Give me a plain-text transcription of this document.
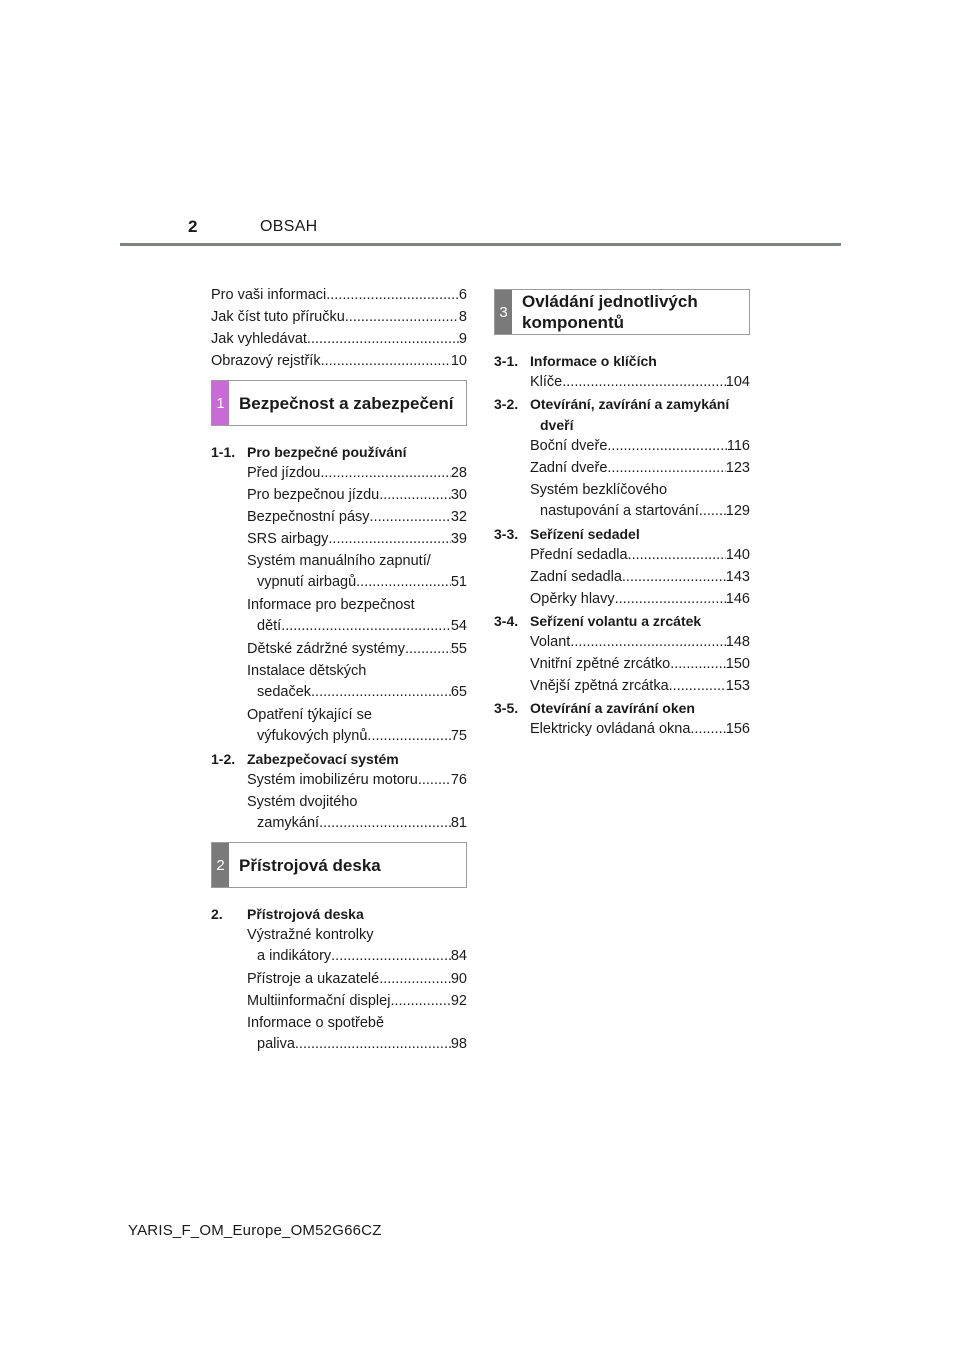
2	OBSAH
Pro vaši informaci .....	6
Jak číst tuto příručku .....	8
Jak vyhledávat .....	9
Obrazový rejstřík .....	10
1 Bezpečnost a zabezpečení
1-1. Pro bezpečné používání
Před jízdou .....	28
Pro bezpečnou jízdu .....	30
Bezpečnostní pásy .....	32
SRS airbagy .....	39
Systém manuálního zapnutí/
vypnutí airbagů .....	51
Informace pro bezpečnost
dětí .....	54
Dětské zádržné systémy .....	55
Instalace dětských
sedaček .....	65
Opatření týkající se
výfukových plynů .....	75
1-2. Zabezpečovací systém
Systém imobilizéru motoru ..... 76
Systém dvojitého
zamykání .....	81
2 Přístrojová deska
2.	Přístrojová deska
Výstražné kontrolky
a indikátory .....	84
Přístroje a ukazatelé .....	90
Multiinformační displej .....	92
Informace o spotřebě
paliva .....	98
3
Ovládání jednotlivých
komponentů
3-1. Informace o klíčích
Klíče .....	104
3-2. Otevírání, zavírání a zamykání
dveří
Boční dveře .....	116
Zadní dveře .....	123
Systém bezklíčového
nastupování a startování ..... 129
3-3. Seřízení sedadel
Přední sedadla .....	140
Zadní sedadla .....	143
Opěrky hlavy .....	146
3-4. Seřízení volantu a zrcátek
Volant .....	148
Vnitřní zpětné zrcátko .....	150
Vnější zpětná zrcátka .....	153
3-5. Otevírání a zavírání oken
Elektricky ovládaná okna ..... 156
YARIS_F_OM_Europe_OM52G66CZ
